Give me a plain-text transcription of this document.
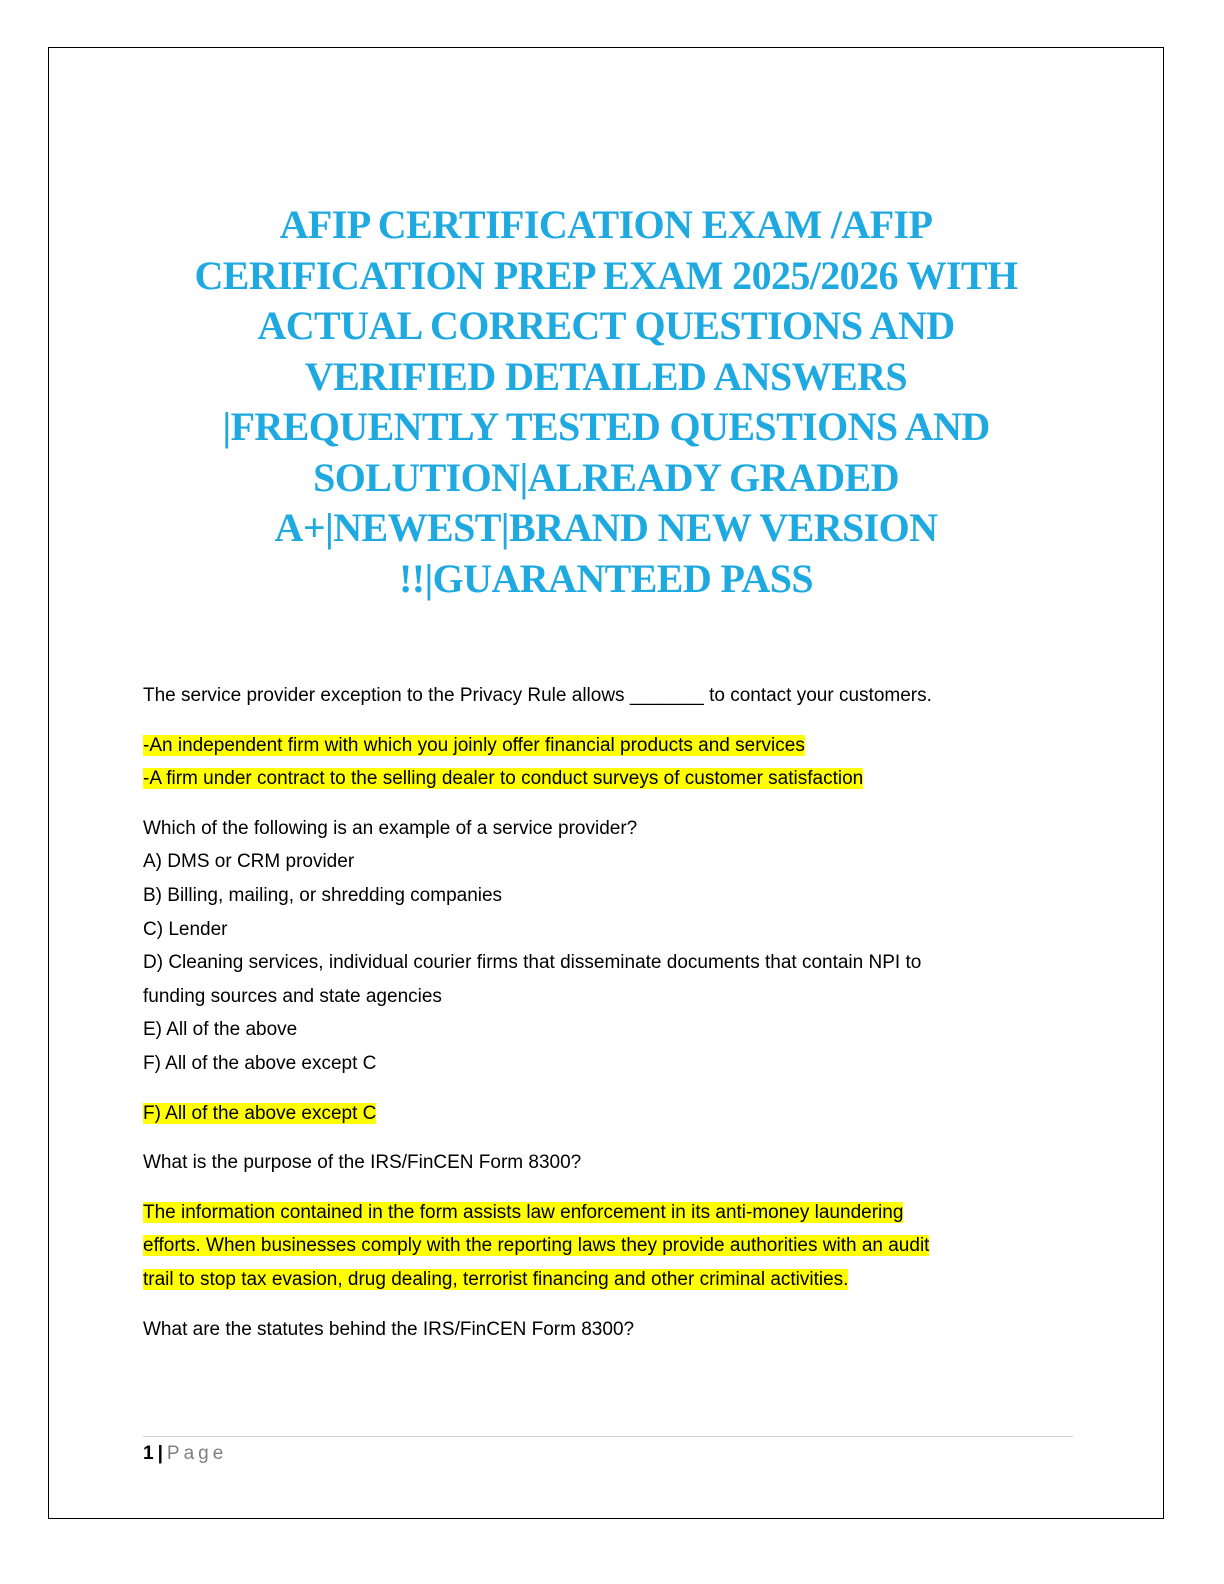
AFIP CERTIFICATION EXAM /AFIP
CERIFICATION PREP EXAM 2025/2026 WITH
ACTUAL CORRECT QUESTIONS AND
VERIFIED DETAILED ANSWERS
|FREQUENTLY TESTED QUESTIONS AND
SOLUTION|ALREADY GRADED
A+|NEWEST|BRAND NEW VERSION
!!|GUARANTEED PASS
The service provider exception to the Privacy Rule allows _______ to contact your customers.
-An independent firm with which you joinly offer financial products and services
-A firm under contract to the selling dealer to conduct surveys of customer satisfaction
Which of the following is an example of a service provider?
A) DMS or CRM provider
B) Billing, mailing, or shredding companies
C) Lender
D) Cleaning services, individual courier firms that disseminate documents that contain NPI to
funding sources and state agencies
E) All of the above
F) All of the above except C
F) All of the above except C
What is the purpose of the IRS/FinCEN Form 8300?
The information contained in the form assists law enforcement in its anti-money laundering
efforts. When businesses comply with the reporting laws they provide authorities with an audit
trail to stop tax evasion, drug dealing, terrorist financing and other criminal activities.
What are the statutes behind the IRS/FinCEN Form 8300?
1 | Page
